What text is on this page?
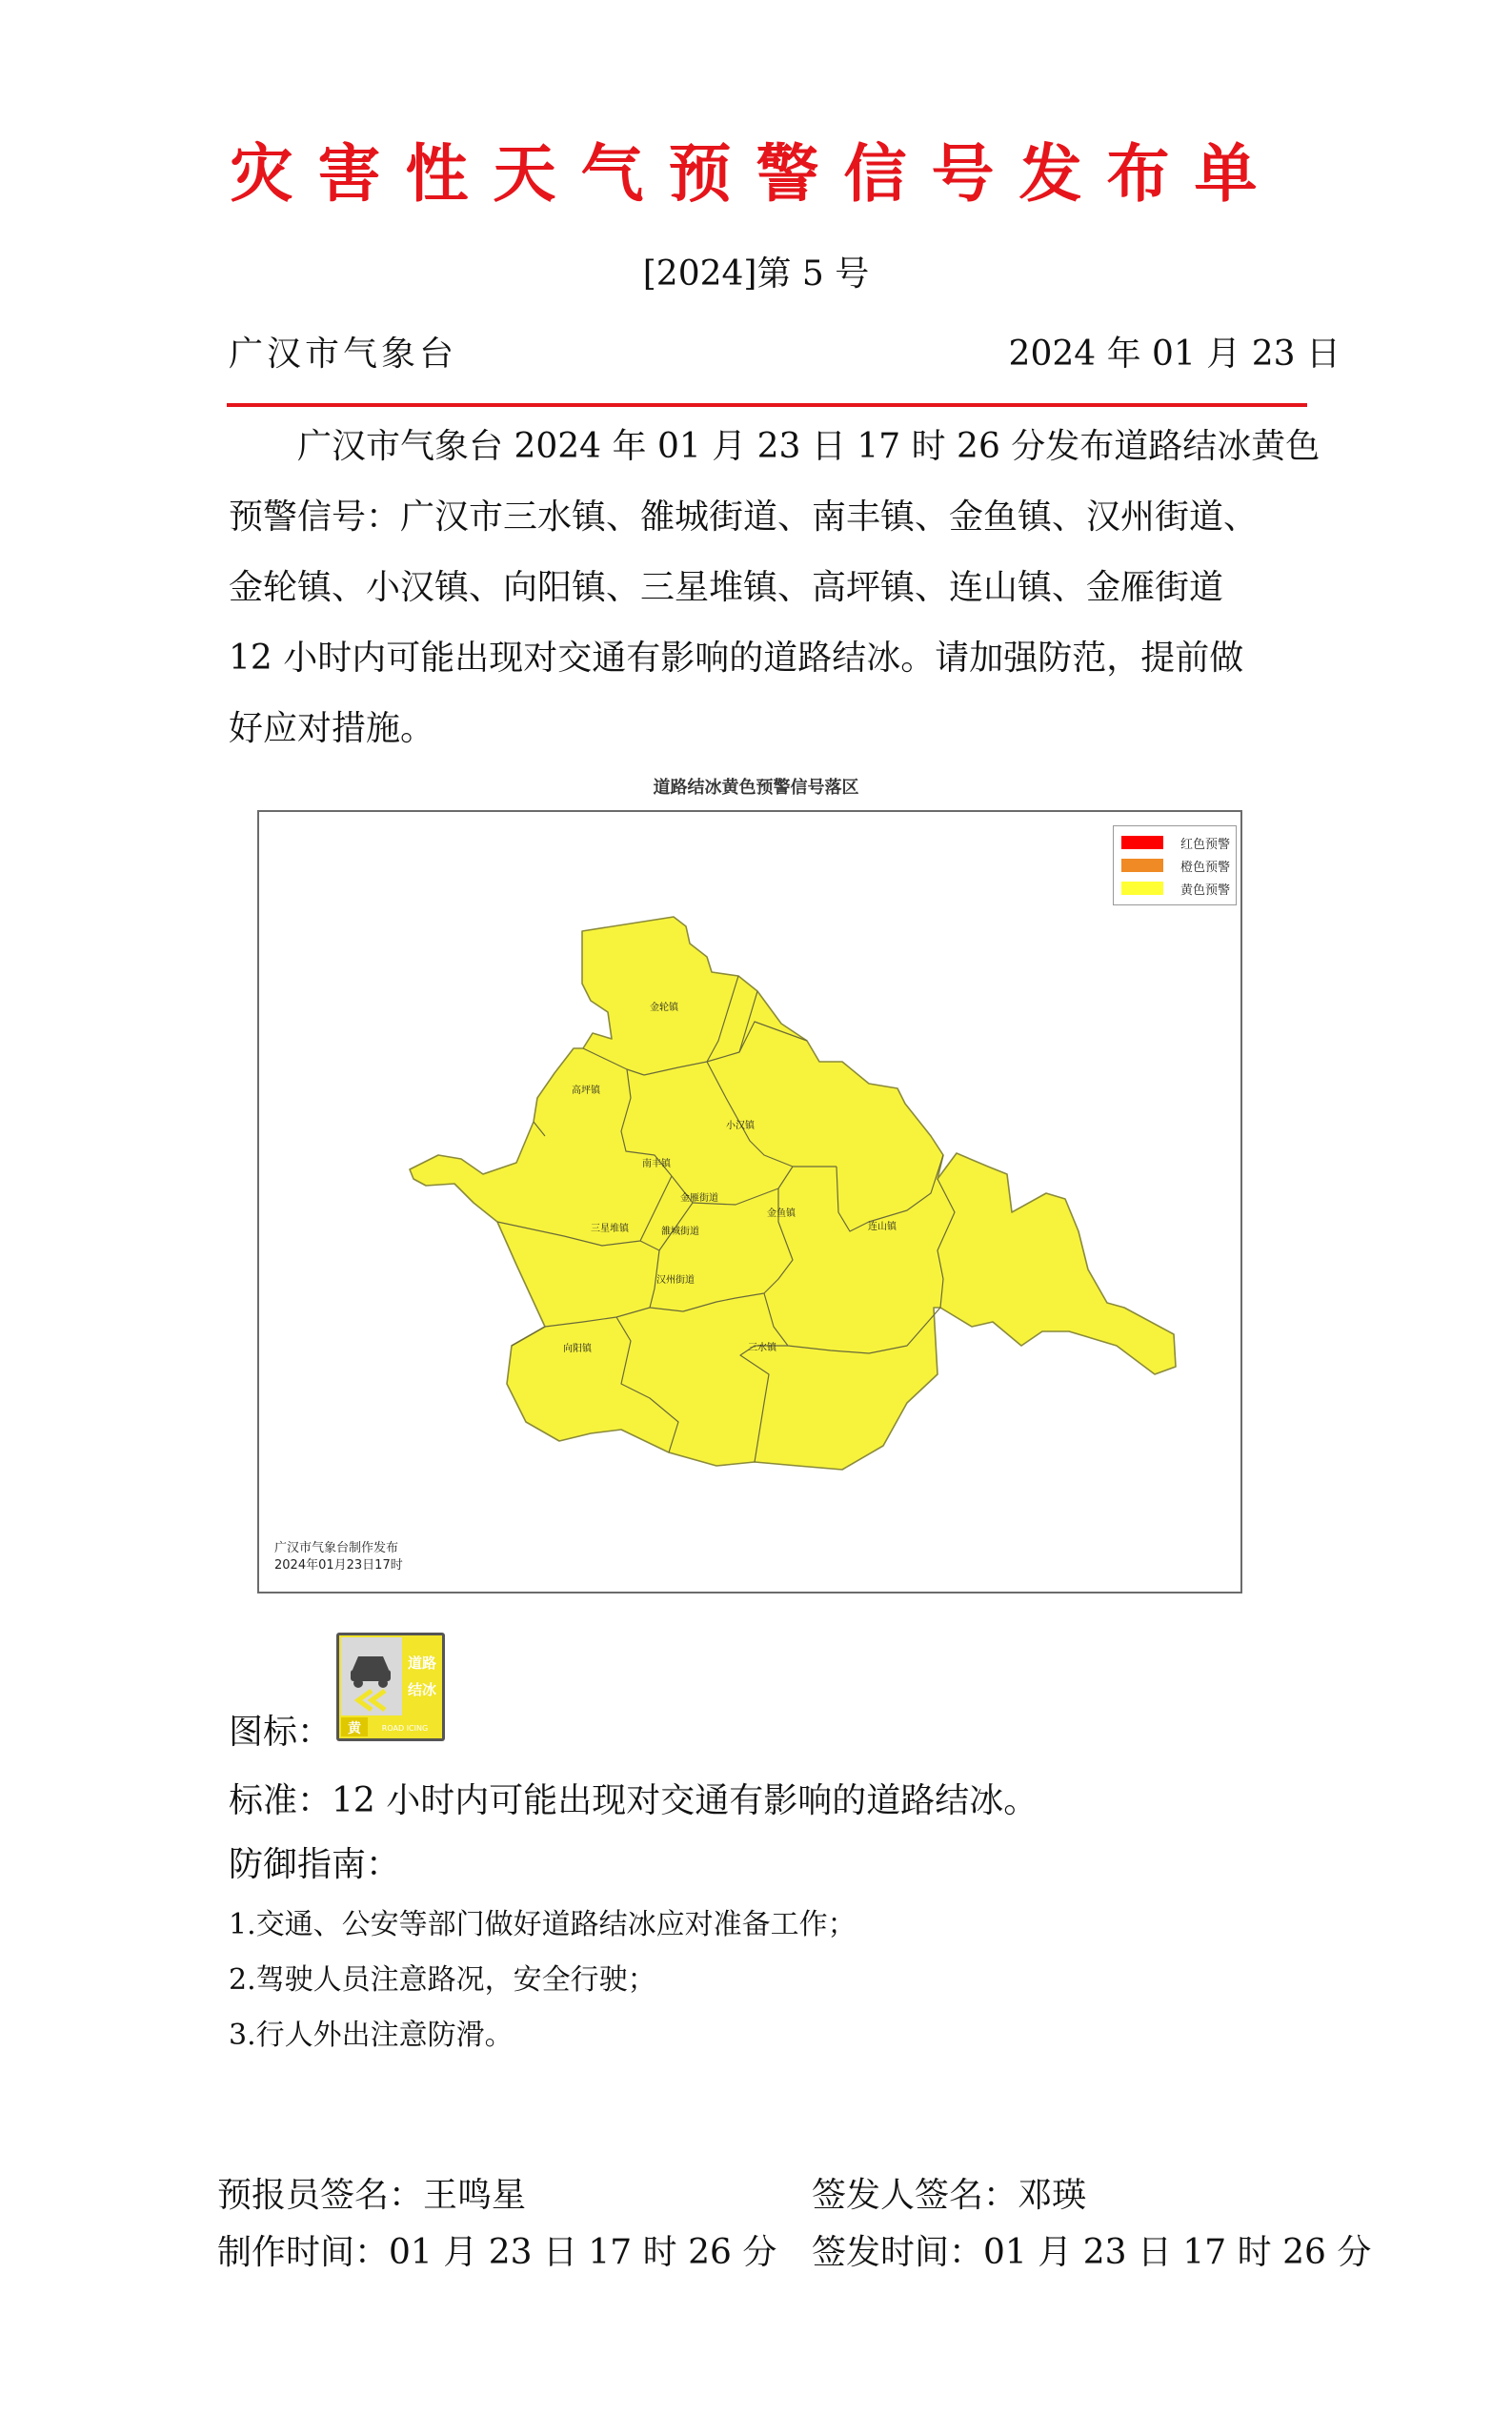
灾害性天气预警信号发布单
[2024]第 5 号
广汉市气象台	2024 年 01 月 23 日
广汉市气象台 2024 年 01 月 23 日 17 时 26 分发布道路结冰黄色
预警信号：广汉市三水镇、雒城街道、南丰镇、金鱼镇、汉州街道、
金轮镇、小汉镇、向阳镇、三星堆镇、高坪镇、连山镇、金雁街道
12 小时内可能出现对交通有影响的道路结冰。请加强防范，提前做
好应对措施。
道路结冰黄色预警信号落区
金轮镇
高坪镇
小汉镇
南丰镇
金雁街道
三星堆镇	雒城街道
金鱼镇
连山镇
向阳镇
汉州街道
三水镇
红色预警
橙色预警
黄色预警
广汉市气象台制作发布
2024年01月23日17时
图标：
道路
结冰
黄	ROAD ICING
标准：12 小时内可能出现对交通有影响的道路结冰。
防御指南：
1.交通、公安等部门做好道路结冰应对准备工作；
2.驾驶人员注意路况，安全行驶；
3.行人外出注意防滑。
预报员签名：王鸣星	签发人签名：邓瑛
制作时间：01 月 23 日 17 时 26 分 签发时间：01 月 23 日 17 时 26 分
